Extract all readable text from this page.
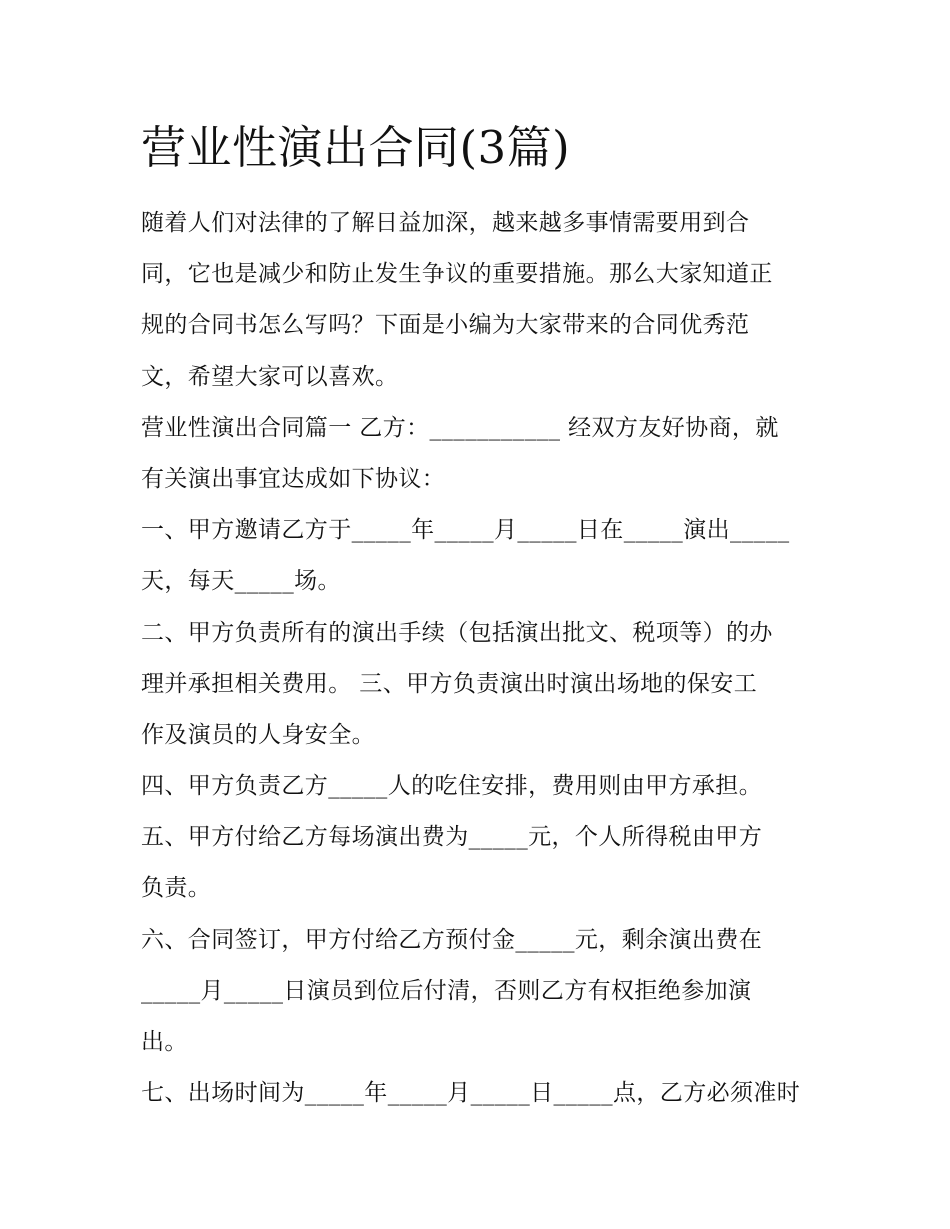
营业性演出合同(3篇)
随着人们对法律的了解日益加深，越来越多事情需要用到合
同，它也是减少和防止发生争议的重要措施。那么大家知道正
规的合同书怎么写吗？下面是小编为大家带来的合同优秀范
文，希望大家可以喜欢。
营业性演出合同篇一 乙方：___________ 经双方友好协商，就
有关演出事宜达成如下协议：
一、甲方邀请乙方于_____年_____月_____日在_____演出_____
天，每天_____场。
二、甲方负责所有的演出手续（包括演出批文、税项等）的办
理并承担相关费用。 三、甲方负责演出时演出场地的保安工
作及演员的人身安全。
四、甲方负责乙方_____人的吃住安排，费用则由甲方承担。
五、甲方付给乙方每场演出费为_____元，个人所得税由甲方
负责。
六、合同签订，甲方付给乙方预付金_____元，剩余演出费在
_____月_____日演员到位后付清，否则乙方有权拒绝参加演
出。
七、出场时间为_____年_____月_____日_____点，乙方必须准时
